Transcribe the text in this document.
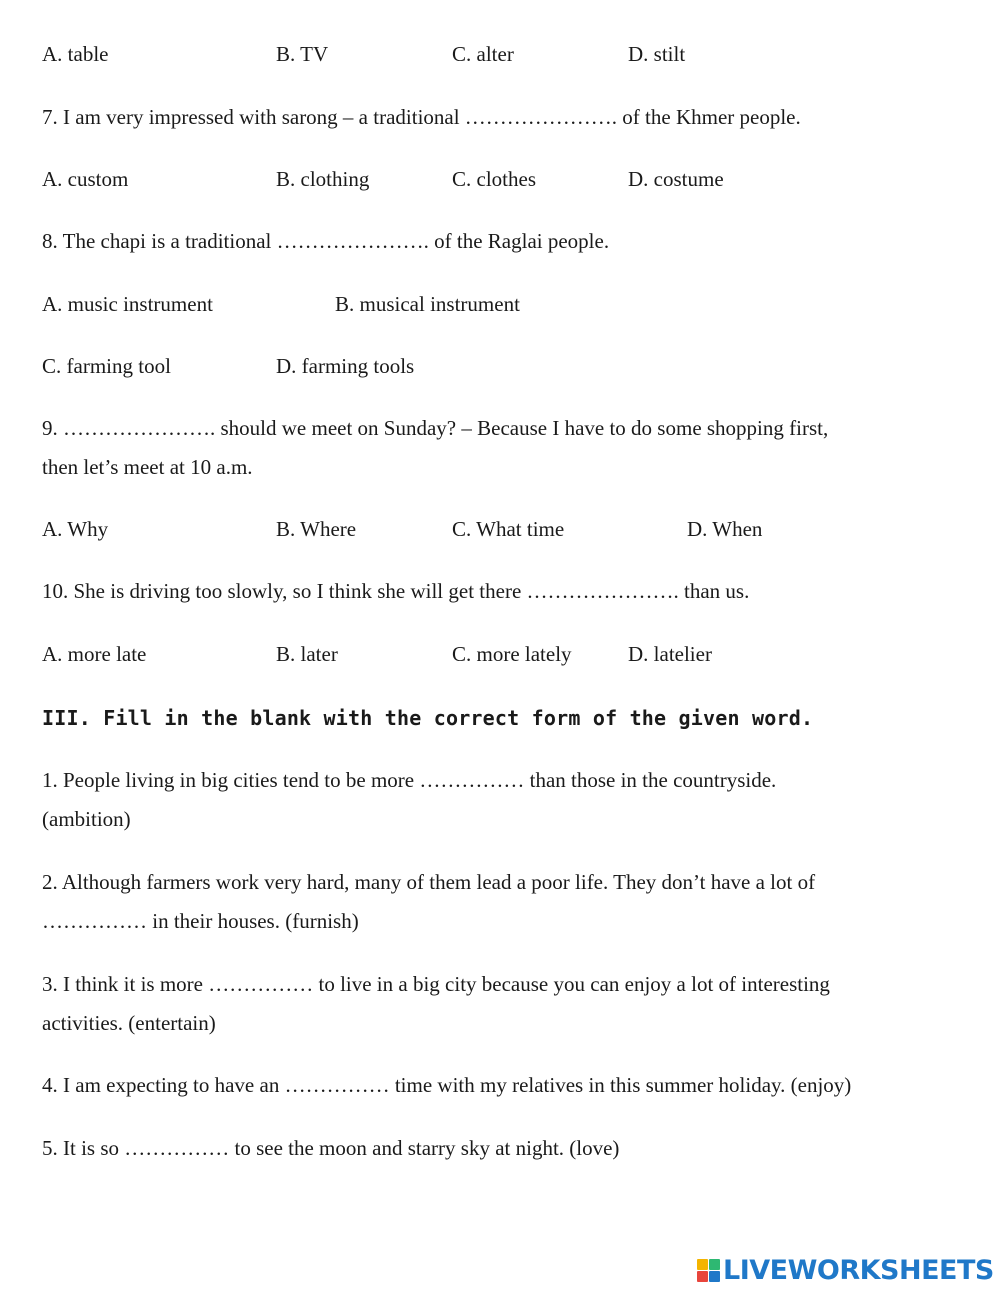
A. table	B. TV	C. alter	D. stilt
7. I am very impressed with sarong – a traditional …………………. of the Khmer people.
A. custom	B. clothing	C. clothes	D. costume
8. The chapi is a traditional …………………. of the Raglai people.
A. music instrument	B. musical instrument
C. farming tool	D. farming tools
9. …………………. should we meet on Sunday? – Because I have to do some shopping first,
then let’s meet at 10 a.m.
A. Why	B. Where	C. What time	D. When
10. She is driving too slowly, so I think she will get there …………………. than us.
A. more late	B. later	C. more lately	D. latelier
III. Fill in the blank with the correct form of the given word.
1. People living in big cities tend to be more …………… than those in the countryside.
(ambition)
2. Although farmers work very hard, many of them lead a poor life. They don’t have a lot of
…………… in their houses. (furnish)
3. I think it is more …………… to live in a big city because you can enjoy a lot of interesting
activities. (entertain)
4. I am expecting to have an …………… time with my relatives in this summer holiday. (enjoy)
5. It is so …………… to see the moon and starry sky at night. (love)
LIVEWORKSHEETS
